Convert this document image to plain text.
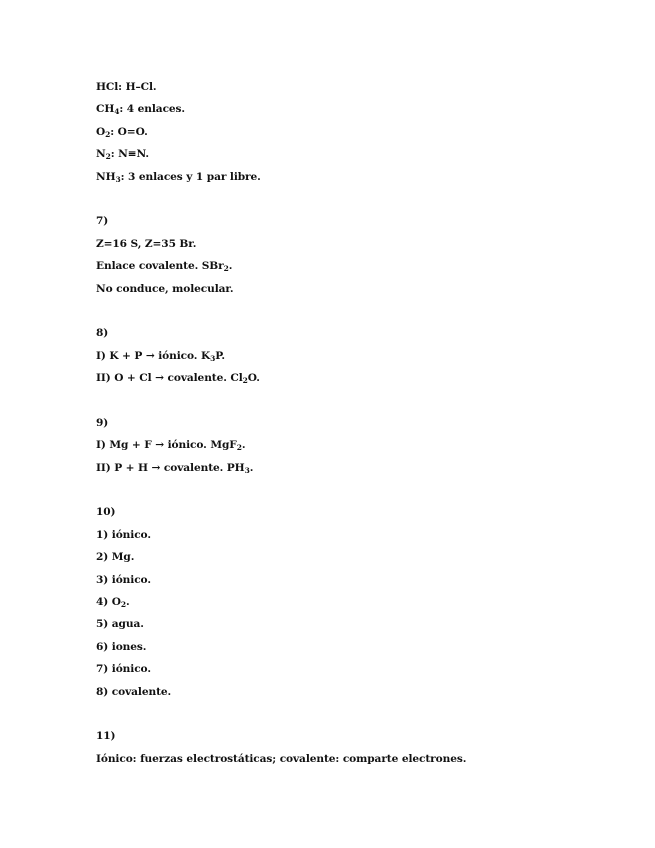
HCl: H–Cl.
$CH_4$: 4 enlaces.
$O_2$: O=O.
$N_2$: N≡N.
$NH_3$: 3 enlaces y 1 par libre.
7)
Z=16 S, Z=35 Br.
Enlace covalente. SBr$_2$.
No conduce, molecular.
8)
I) K + P → iónico. $K_3P$.
II) O + Cl → covalente. $Cl_2O$.
9)
I) Mg + F → iónico. MgF$_2$.
II) P + H → covalente. $PH_3$.
10)
1) iónico.
2) Mg.
3) iónico.
4) $O_2$.
5) agua.
6) iones.
7) iónico.
8) covalente.
11)
Iónico: fuerzas electrostáticas; covalente: comparte electrones.
